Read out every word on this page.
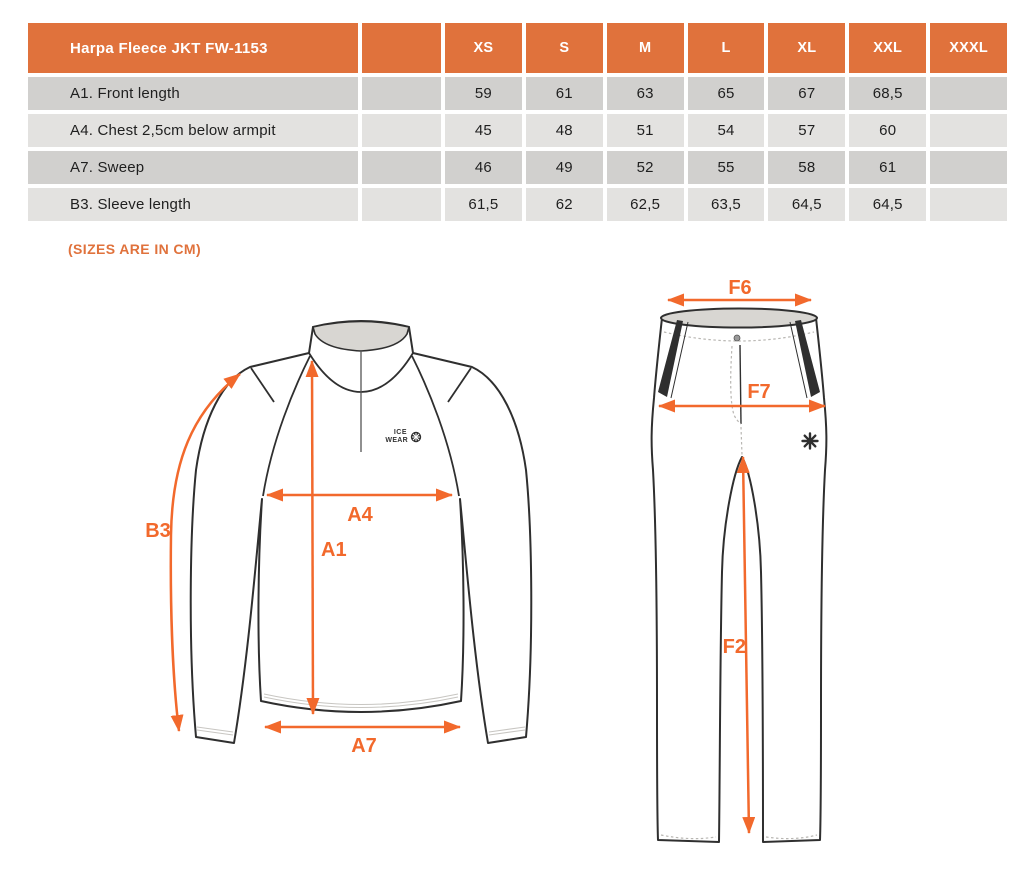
Harpa Fleece JKT FW-1153	XS	S	M	L	XL	XXL	XXXL
A1. Front length	59	61	63	65	67	68,5
A4. Chest 2,5cm below armpit	45	48	51	54	57	60
A7. Sweep	46	49	52	55	58	61
B3. Sleeve length	61,5	62	62,5	63,5	64,5	64,5
(SIZES ARE IN CM)
ICE
WEAR
B3
A1
A4
A7
F6
F7
F2
